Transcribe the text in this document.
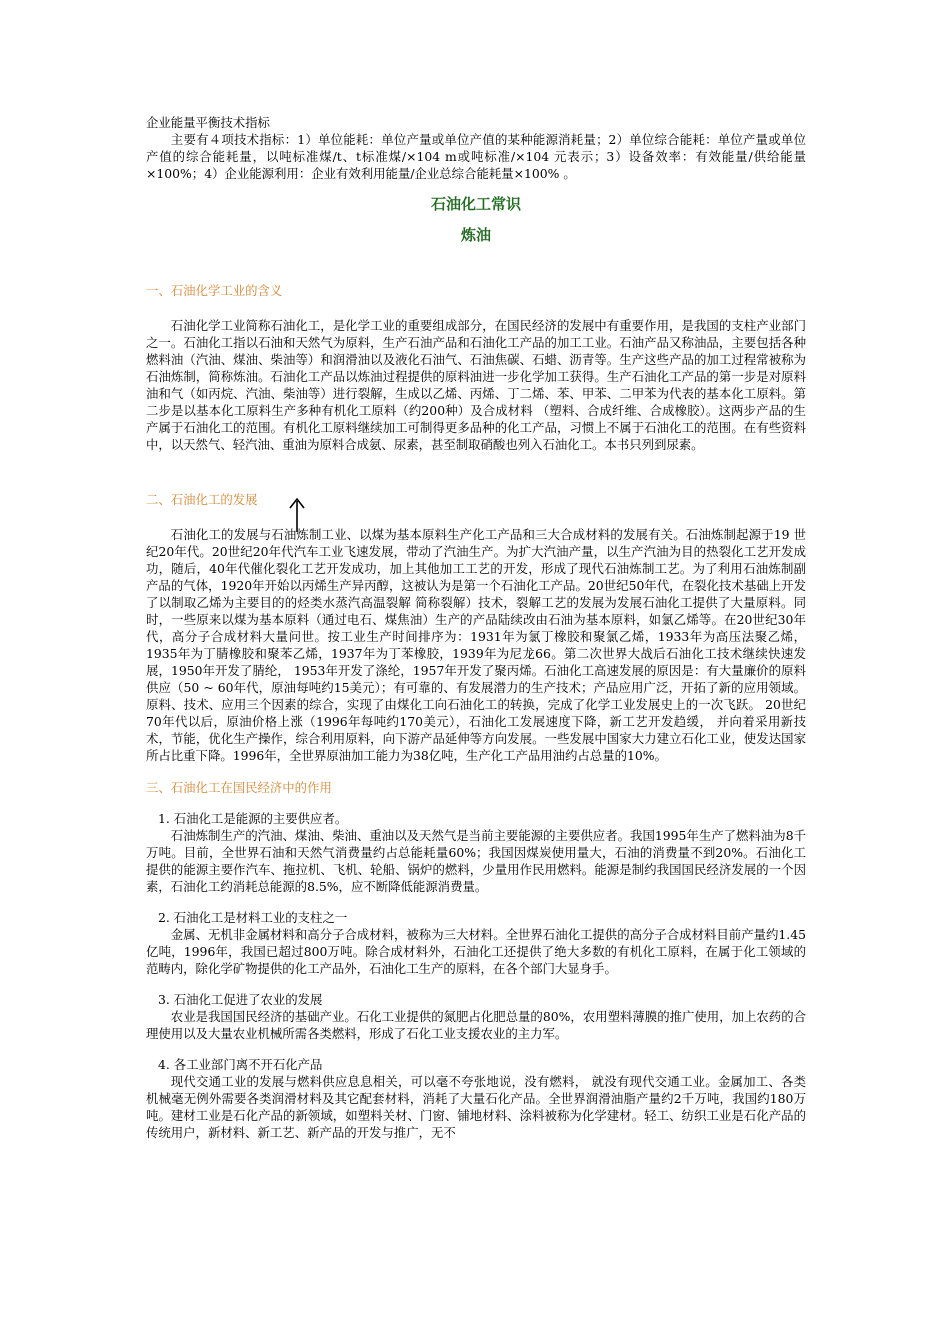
企业能量平衡技术指标

主要有４项技术指标：1）单位能耗：单位产量或单位产值的某种能源消耗量；2）单位综合能耗：单位产量或单位产值的综合能耗量，以吨标准煤/t、t标准煤/×104 m或吨标准/×104 元表示；3）设备效率：有效能量/供给能量×100%；4）企业能源利用：企业有效利用能量/企业总综合能耗量×100% 。

石油化工常识

炼油

一、石油化学工业的含义

石油化学工业简称石油化工，是化学工业的重要组成部分，在国民经济的发展中有重要作用，是我国的支柱产业部门之一。石油化工指以石油和天然气为原料，生产石油产品和石油化工产品的加工工业。石油产品又称油品，主要包括各种燃料油（汽油、煤油、柴油等）和润滑油以及液化石油气、石油焦碳、石蜡、沥青等。生产这些产品的加工过程常被称为石油炼制，简称炼油。石油化工产品以炼油过程提供的原料油进一步化学加工获得。生产石油化工产品的第一步是对原料油和气（如丙烷、汽油、柴油等）进行裂解，生成以乙烯、丙烯、丁二烯、苯、甲苯、二甲苯为代表的基本化工原料。第二步是以基本化工原料生产多种有机化工原料（约200种）及合成材料 （塑料、合成纤维、合成橡胶）。这两步产品的生产属于石油化工的范围。有机化工原料继续加工可制得更多品种的化工产品，习惯上不属于石油化工的范围。在有些资料中，以天然气、轻汽油、重油为原料合成氨、尿素，甚至制取硝酸也列入石油化工。本书只列到尿素。

二、石油化工的发展

石油化工的发展与石油炼制工业、以煤为基本原料生产化工产品和三大合成材料的发展有关。石油炼制起源于19 世纪20年代。20世纪20年代汽车工业飞速发展，带动了汽油生产。为扩大汽油产量，以生产汽油为目的热裂化工艺开发成功，随后，40年代催化裂化工艺开发成功，加上其他加工工艺的开发，形成了现代石油炼制工艺。为了利用石油炼制副产品的气体，1920年开始以丙烯生产异丙醇，这被认为是第一个石油化工产品。20世纪50年代，在裂化技术基础上开发了以制取乙烯为主要目的的烃类水蒸汽高温裂解 简称裂解）技术，裂解工艺的发展为发展石油化工提供了大量原料。同时，一些原来以煤为基本原料（通过电石、煤焦油）生产的产品陆续改由石油为基本原料，如氯乙烯等。在20世纪30年代，高分子合成材料大量问世。按工业生产时间排序为：1931年为氯丁橡胶和聚氯乙烯，1933年为高压法聚乙烯，1935年为丁腈橡胶和聚苯乙烯，1937年为丁苯橡胶，1939年为尼龙66。第二次世界大战后石油化工技术继续快速发展，1950年开发了腈纶， 1953年开发了涤纶，1957年开发了聚丙烯。石油化工高速发展的原因是：有大量廉价的原料供应（50 ~ 60年代，原油每吨约15美元）；有可靠的、有发展潜力的生产技术；产品应用广泛，开拓了新的应用领域。原料、技术、应用三个因素的综合，实现了由煤化工向石油化工的转换，完成了化学工业发展史上的一次飞跃。 20世纪70年代以后，原油价格上涨（1996年每吨约170美元），石油化工发展速度下降，新工艺开发趋缓， 并向着采用新技术，节能，优化生产操作，综合利用原料，向下游产品延伸等方向发展。一些发展中国家大力建立石化工业，使发达国家所占比重下降。1996年，全世界原油加工能力为38亿吨，生产化工产品用油约占总量的10%。

三、石油化工在国民经济中的作用

1. 石油化工是能源的主要供应者。

石油炼制生产的汽油、煤油、柴油、重油以及天然气是当前主要能源的主要供应者。我国1995年生产了燃料油为8千万吨。目前，全世界石油和天然气消费量约占总能耗量60%；我国因煤炭使用量大，石油的消费量不到20%。石油化工提供的能源主要作汽车、拖拉机、飞机、轮船、锅炉的燃料，少量用作民用燃料。能源是制约我国国民经济发展的一个因素，石油化工约消耗总能源的8.5%，应不断降低能源消费量。

2. 石油化工是材料工业的支柱之一

金属、无机非金属材料和高分子合成材料，被称为三大材料。全世界石油化工提供的高分子合成材料目前产量约1.45亿吨，1996年，我国已超过800万吨。除合成材料外，石油化工还提供了绝大多数的有机化工原料，在属于化工领域的范畴内，除化学矿物提供的化工产品外，石油化工生产的原料，在各个部门大显身手。

3. 石油化工促进了农业的发展

农业是我国国民经济的基础产业。石化工业提供的氮肥占化肥总量的80%，农用塑料薄膜的推广使用，加上农药的合理使用以及大量农业机械所需各类燃料，形成了石化工业支援农业的主力军。

4. 各工业部门离不开石化产品

现代交通工业的发展与燃料供应息息相关，可以毫不夸张地说，没有燃料， 就没有现代交通工业。金属加工、各类机械毫无例外需要各类润滑材料及其它配套材料，消耗了大量石化产品。全世界润滑油脂产量约2千万吨，我国约180万吨。建材工业是石化产品的新领域，如塑料关材、门窗、铺地材料、涂料被称为化学建材。轻工、纺织工业是石化产品的传统用户，新材料、新工艺、新产品的开发与推广，无不
